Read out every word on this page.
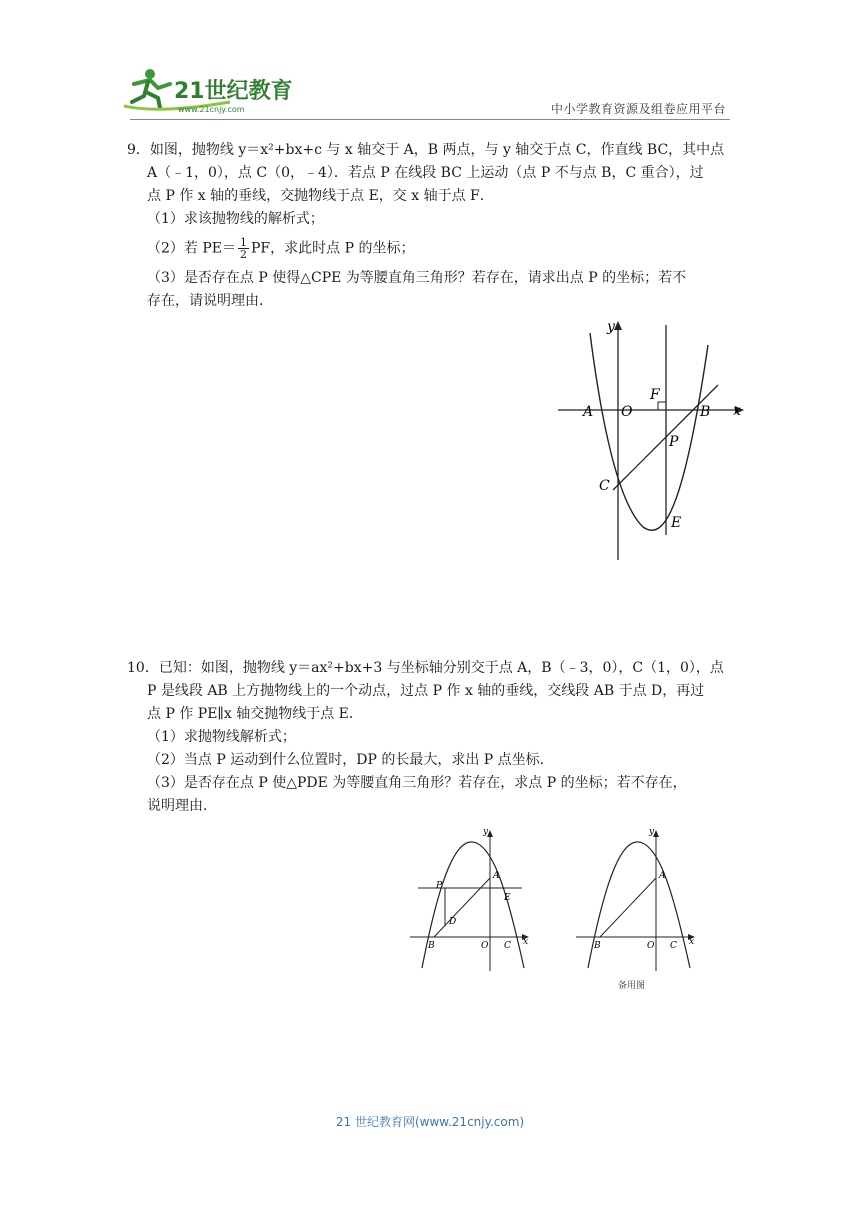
21世纪教育
www.21cnjy.com	中小学教育资源及组卷应用平台

9．如图，抛物线 y＝x²+bx+c 与 x 轴交于 A，B 两点，与 y 轴交于点 C，作直线 BC，其中点

A（﹣1，0），点 C（0，﹣4）．若点 P 在线段 BC 上运动（点 P 不与点 B，C 重合），过

点 P 作 x 轴的垂线，交抛物线于点 E，交 x 轴于点 F．

（1）求该抛物线的解析式；

（2）若 $PE= \frac{1}{2}$ PF，求此时点 P 的坐标；

（3）是否存在点 P 使得△CPE 为等腰直角三角形？若存在，请求出点 P 的坐标；若不

存在，请说明理由．

y
x
A O
F
B
P
C
E

10．已知：如图，抛物线 y＝ax²+bx+3 与坐标轴分别交于点 A，B（﹣3，0），C（1，0），点

P 是线段 AB 上方抛物线上的一个动点，过点 P 作 x 轴的垂线，交线段 AB 于点 D，再过

点 P 作 PE∥x 轴交抛物线于点 E．

（1）求抛物线解析式；

（2）当点 P 运动到什么位置时，DP 的长最大，求出 P 点坐标．

（3）是否存在点 P 使△PDE 为等腰直角三角形？若存在，求点 P 的坐标；若不存在，

说明理由．

y
x
A
B	C
O
P
D
E
y
x
A
B	C
O
备用图
21 世纪教育网(www.21cnjy.com)
